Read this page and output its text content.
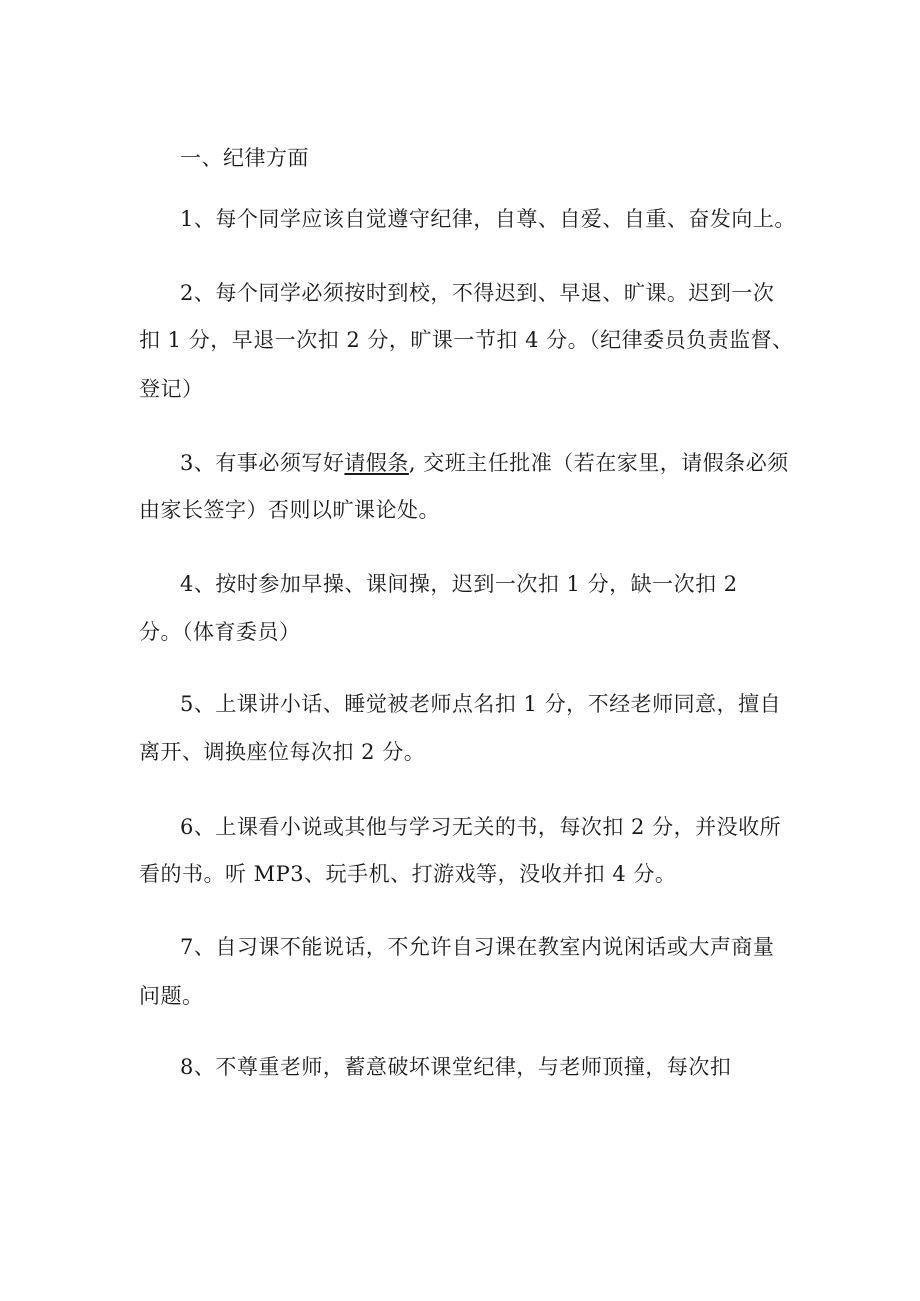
一、纪律方面
1、每个同学应该自觉遵守纪律，自尊、自爱、自重、奋发向上。
2、每个同学必须按时到校，不得迟到、早退、旷课。迟到一次
扣 1 分，早退一次扣 2 分，旷课一节扣 4 分。（纪律委员负责监督、
登记）
3、有事必须写好请假条, 交班主任批准（若在家里，请假条必须
由家长签字）否则以旷课论处。
4、按时参加早操、课间操，迟到一次扣 1 分，缺一次扣 2
分。（体育委员）
5、上课讲小话、睡觉被老师点名扣 1 分，不经老师同意，擅自
离开、调换座位每次扣 2 分。
6、上课看小说或其他与学习无关的书，每次扣 2 分，并没收所
看的书。听 MP3、玩手机、打游戏等，没收并扣 4 分。
7、自习课不能说话，不允许自习课在教室内说闲话或大声商量
问题。
8、不尊重老师，蓄意破坏课堂纪律，与老师顶撞，每次扣
